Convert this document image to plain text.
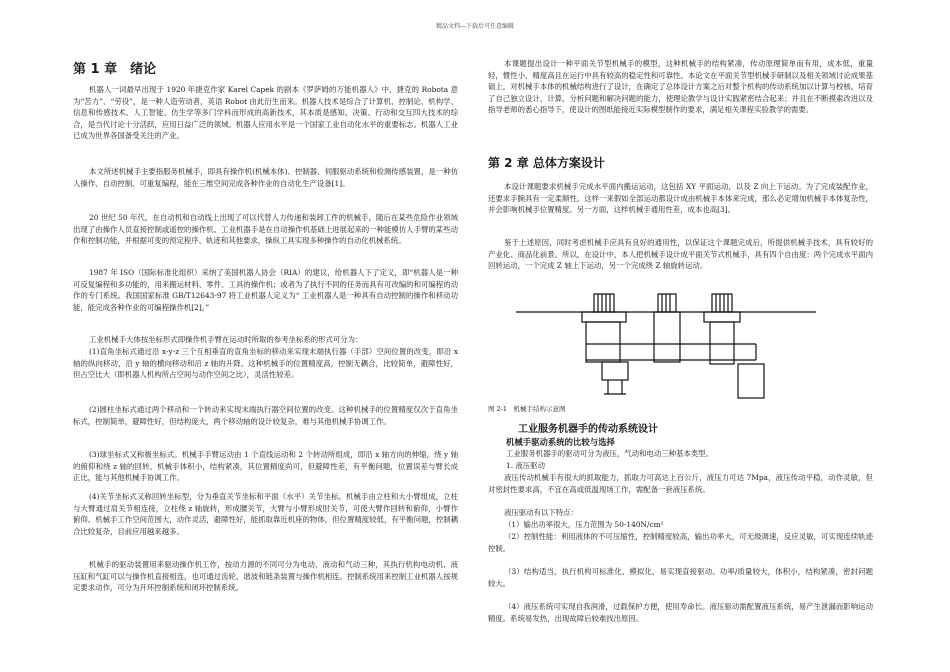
精品文档---下载后可任意编辑
第 1 章　绪论

机器人一词最早出现于 1920 年捷克作家 Karel Capek 的剧本《罗萨姆的万能机器人》中，捷克的 Robota 意为“苦力”、“劳役”，是一种人造劳动者，英语 Robot 由此衍生而来。机器人技术是综合了计算机、控制论、机构学、信息和传感技术、人工智能、仿生学等多门学科而形成的高新技术，其本质是感知、决策、行动和交互四大技术的综合，是当代讨论十分活跃，应用日益广泛的领域。机器人应用水平是一个国家工业自动化水平的重要标志。机器人工业已成为世界各国备受关注的产业。

本文所述机械手主要指服务机械手，即具有操作机(机械本体)、控制器、伺服驱动系统和检测传感装置，是一种仿人操作、自动控制、可重复编程，能在三维空间完成各种作业的自动化生产设备[1]。

20 世纪 50 年代，在自动机和自动线上出现了可以代替人力传递和装卸工件的机械手，随后在某些危险作业领域出现了由操作人员直接控制或遥控的操作机。工业机器手是在自动操作机基础上进展起来的一种能模仿人手臂的某些动作和控制功能，并根据可变的预定程序、轨迹和其他要求，操纵工具实现多种操作的自动化机械系统。

1987 年 ISO（国际标准化组织）采纳了美国机器人协会（RIA）的建议，给机器人下了定义，即“机器人是一种可反复编程和多功能的，用来搬运材料、零件、工具的操作机；或者为了执行不同的任务而具有可改编的和可编程的动作的专门系统。我国国家标准 GB/T12643-97 将工业机器人定义为“ 工业机器人是一种具有自动控制的操作和移动功能，能完成各种作业的可编程操作机[2]。”

工业机械手大体按坐标形式即操作机手臂在运动时所取的参考坐标系的形式可分为：

(1)直角坐标式通过沿 x-y-z 三个互相垂直的直角坐标的移动来实现末端执行器（手部）空间位置的改变，即沿 x 轴的纵向移动，沿 y 轴的横向移动和沿 z 轴的升降。这种机械手的位置精度高，控制无耦合，比较简单，避障性好，但占空比大（即机器人机构所占空间与动作空间之比），灵活性较差。

(2)圆柱坐标式通过两个移动和一个转动来实现末端执行器空间位置的改变。这种机械手的位置精度仅次于直角坐标式，控制简单，避障性好，但结构庞大，两个移动轴的设计较复杂，难与其他机械手协调工作。

(3)球坐标式又称极坐标式。机械手手臂运动由 1 个直线运动和 2 个转动所组成，即沿 x 轴方向的伸缩，绕 y 轴的俯仰和绕 z 轴的回转。机械手体积小，结构紧凑，其位置精度尚可，但避障性差，有平衡问题，位置误差与臂长成正比，能与其他机械手协调工作。

(4)关节坐标式又称回转坐标型，分为垂直关节坐标和平面（水平）关节坐标。机械手由立柱和大小臂组成，立柱与大臂通过肩关节相连接，立柱绕 z 轴旋转，形成腰关节，大臂与小臂形成肘关节，可使大臂作回转和俯仰，小臂作俯仰。机械手工作空间范围大，动作灵活，避障性好，能抓取靠近机座的物体，但位置精度较低，有平衡问题，控制耦合比较复杂，目前应用越来越多。

机械手的驱动装置用来驱动操作机工作，按动力源的不同可分为电动、液动和气动三种，其执行机构电动机、液压缸和气缸可以与操作机直接相连，也可通过齿轮、谐波和链条装置与操作机相连。控制系统用来控制工业机器人按规定要求动作，可分为开环控制系统和闭环控制系统。

本课题提出设计一种平面关节型机械手的模型，这种机械手的结构紧凑，传动原理简单而有用，成本低，重量轻，惯性小，精度高且在运行中具有较高的稳定性和可靠性。本论文在平面关节型机械手研制以及相关领域讨论成果基础上，对机械手本体的机械结构进行了设计，在确定了总体设计方案之后对整个机构的传动系统加以计算与校核。培育了自己独立设计，计算，分析问题和解决问题的能力，使理论教学与设计实践紧密结合起来；并且在不断摸索改进以及指导老师的悉心指导下，使设计的图纸能接近实际模型制作的要求，满足相关课程实验教学的需要。

第 2 章 总体方案设计

本设计课题要求机械手完成水平面内搬运运动，这包括 XY 平面运动，以及 Z 向上下运动。为了完成装配作业，还要求手腕具有一定柔顺性。这样一来假如全部运动都设计成由机械手本体来完成，那么必定增加机械手本体复杂性，并会影响机械手位置精度。另一方面，这样机械手通用性差，成本也高[3]。

鉴于上述原因，同时考虑机械手应具有良好的通用性，以保证这个课题完成后，所提供机械手技术，具有较好的产业化、商品化前景。所以，在设计中，本人把机械手设计成平面关节式机械手，具有四个自由度：两个完成水平面内回转运动，一个完成 Z 轴上下运动，另一个完成绕 Z 轴旋转运动。

图 2-1　机械手结构示意图
工业服务机器手的传动系统设计
机械手驱动系统的比较与选择

工业服务机器手的驱动可分为液压，气动和电动三种基本类型。

1. 液压驱动

液压传动机械手有很大的抓取能力，抓取力可高达上百公斤，液压力可达 7Mpa，液压传动平稳，动作灵敏，但对密封性要求高，不宜在高或低温现场工作，需配备一套液压系统。

液压驱动有以下特点：

（1）输出功率很大，压力范围为 50-140N/cm²

（2）控制性能：利用液体的不可压缩性，控制精度较高，输出功率大，可无级调速，反应灵敏，可实现连续轨迹控制。

（3）结构适当，执行机构可标准化、模拟化，易实现直接驱动。功率/质量较大，体积小，结构紧凑，密封问题较大。

（4）液压系统可实现自我润滑，过载保护方便，使用寿命长。液压驱动需配置液压系统，易产生泄漏而影响运动精度。系统易发热，出现故障后较难找出原因。
